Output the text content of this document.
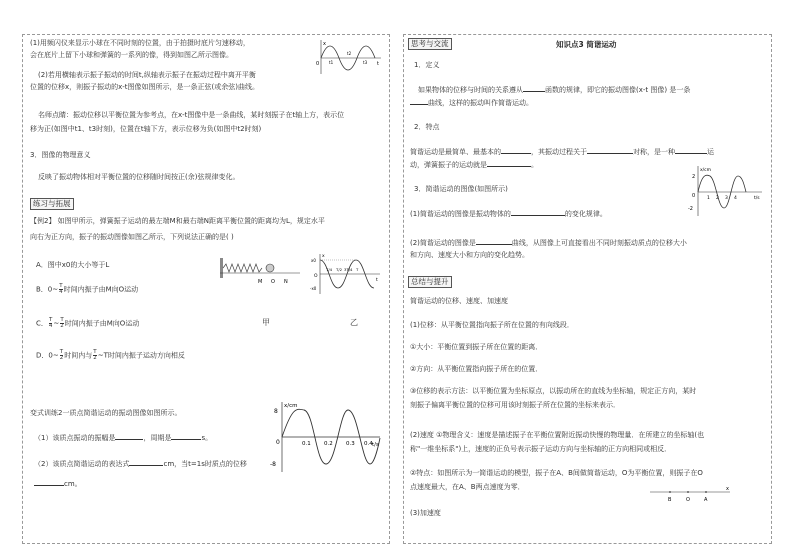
(1)用频闪仪来显示小球在不同时刻的位置，由于拍摄时底片匀速移动，
会在底片上留下小球和弹簧的一系列的像，得到如图乙所示图像。
x
t
0 t1
t2
t3
(2)若用横轴表示振子振动的时间t,纵轴表示振子在振动过程中离开平衡
位置的位移x，则振子振动的x-t图像如图所示，是一条正弦(或余弦)曲线。
名师点睛：振动位移以平衡位置为参考点，在x-t图像中是一条曲线，某时刻振子在t轴上方，表示位
移为正(如图中t1、t3时刻)，位置在t轴下方，表示位移为负(如图中t2时刻)
3．图像的物理意义
反映了振动物体相对平衡位置的位移随时间按正(余)弦规律变化。
练习与拓展
【例2】 如图甲所示，弹簧振子运动的最左端M和最右端N距离平衡位置的距离均为L，规定水平
向右为正方向，振子的振动图像如图乙所示，下列说法正确的是( )
A．图中x0的大小等于L
B．0~ $\frac{T}{4}$ 时间内振子由M向O运动
C． $\frac{T}{4}$ ~ $\frac{T}{2}$ 时间内振子由M向O运动
D．0~ $\frac{T}{2}$ 时间内与 $\frac{T}{2}$ ~T时间内振子运动方向相反
M O N
x
t
O
x0
-x0
T/4 T/2 3T/4 T
甲	乙
变式训练2一质点简谐运动的振动图像如图所示。
（1）该质点振动的振幅是	，周期是	s。
（2）该质点简谐运动的表达式	cm，当t=1s时质点的位移
cm。
x/cm
t/s
8
-8
0	0.1 0.2 0.3 0.4
思考与交流	知识点3 简谐运动
1．定义
如果物体的位移与时间的关系遵从	函数的规律，即它的振动图像(x-t 图像) 是一条
曲线，这样的振动叫作简谐运动。
2．特点
简谐运动是最简单、最基本的	，其振动过程关于	对称，是一种	运
动，弹簧振子的运动就是	。
3．简谐运动的图像(如图所示)
x/cm
t/s
2
-2
0	1 2 3 4
(1)简谐运动的图像是振动物体的	的变化规律。
(2)简谐运动的图像是	曲线，从图像上可直接看出不同时刻振动质点的位移大小
和方向、速度大小和方向的变化趋势。
总结与提升
简谐运动的位移、速度、加速度
(1)位移：从平衡位置指向振子所在位置的有向线段．
①大小：平衡位置到振子所在位置的距离．
②方向：从平衡位置指向振子所在的位置．
③位移的表示方法：以平衡位置为坐标原点，以振动所在的直线为坐标轴，规定正方向，某时
刻振子偏离平衡位置的位移可用该时刻振子所在位置的坐标来表示．
(2)速度 ①物理含义：速度是描述振子在平衡位置附近振动快慢的物理量．在所建立的坐标轴(也
称"一维坐标系")上，速度的正负号表示振子运动方向与坐标轴的正方向相同或相反．
②特点：如图所示为一简谐运动的模型，振子在A、B间做简谐运动，O为平衡位置，则振子在O
点速度最大，在A、B两点速度为零．
B	O	A
x
(3)加速度
